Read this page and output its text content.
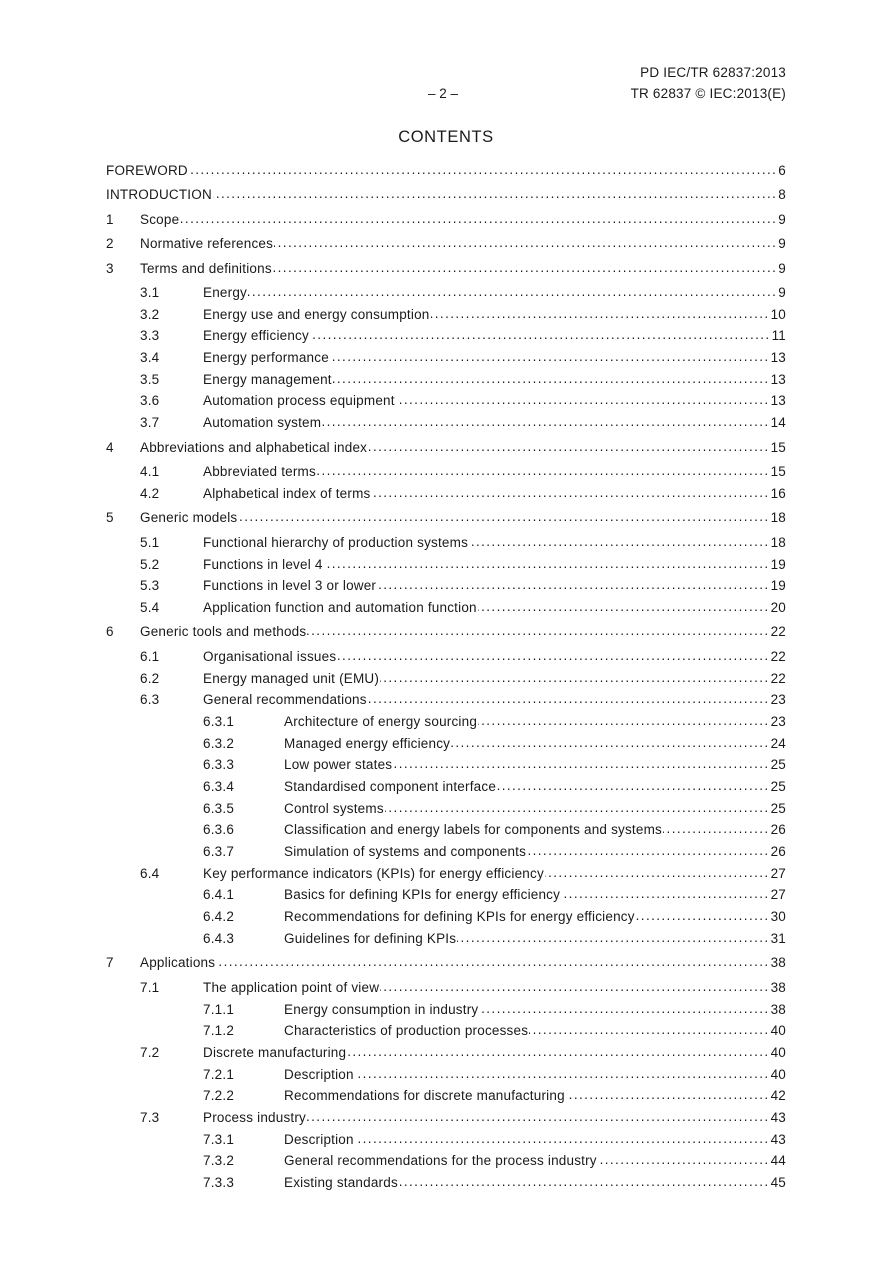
PD IEC/TR 62837:2013
TR 62837 © IEC:2013(E)
– 2 –
CONTENTS
FOREWORD .....	6
INTRODUCTION .....	8
1	Scope .....	9
2	Normative references .....	9
3	Terms and definitions .....	9
3.1	Energy .....	9
3.2	Energy use and energy consumption .....	10
3.3	Energy efficiency .....	11
3.4	Energy performance .....	13
3.5	Energy management .....	13
3.6	Automation process equipment .....	13
3.7	Automation system .....	14
4	Abbreviations and alphabetical index .....	15
4.1	Abbreviated terms .....	15
4.2	Alphabetical index of terms .....	16
5	Generic models .....	18
5.1	Functional hierarchy of production systems .....	18
5.2	Functions in level 4 .....	19
5.3	Functions in level 3 or lower .....	19
5.4	Application function and automation function .....	20
6	Generic tools and methods .....	22
6.1	Organisational issues .....	22
6.2	Energy managed unit (EMU) .....	22
6.3	General recommendations .....	23
6.3.1	Architecture of energy sourcing .....	23
6.3.2	Managed energy efficiency .....	24
6.3.3	Low power states .....	25
6.3.4	Standardised component interface .....	25
6.3.5	Control systems .....	25
6.3.6	Classification and energy labels for components and systems .....	26
6.3.7	Simulation of systems and components .....	26
6.4	Key performance indicators (KPIs) for energy efficiency .....	27
6.4.1	Basics for defining KPIs for energy efficiency .....	27
6.4.2	Recommendations for defining KPIs for energy efficiency .....	30
6.4.3	Guidelines for defining KPIs .....	31
7	Applications .....	38
7.1	The application point of view .....	38
7.1.1	Energy consumption in industry .....	38
7.1.2	Characteristics of production processes .....	40
7.2	Discrete manufacturing .....	40
7.2.1	Description .....	40
7.2.2	Recommendations for discrete manufacturing .....	42
7.3	Process industry .....	43
7.3.1	Description .....	43
7.3.2	General recommendations for the process industry .....	44
7.3.3	Existing standards .....	45
